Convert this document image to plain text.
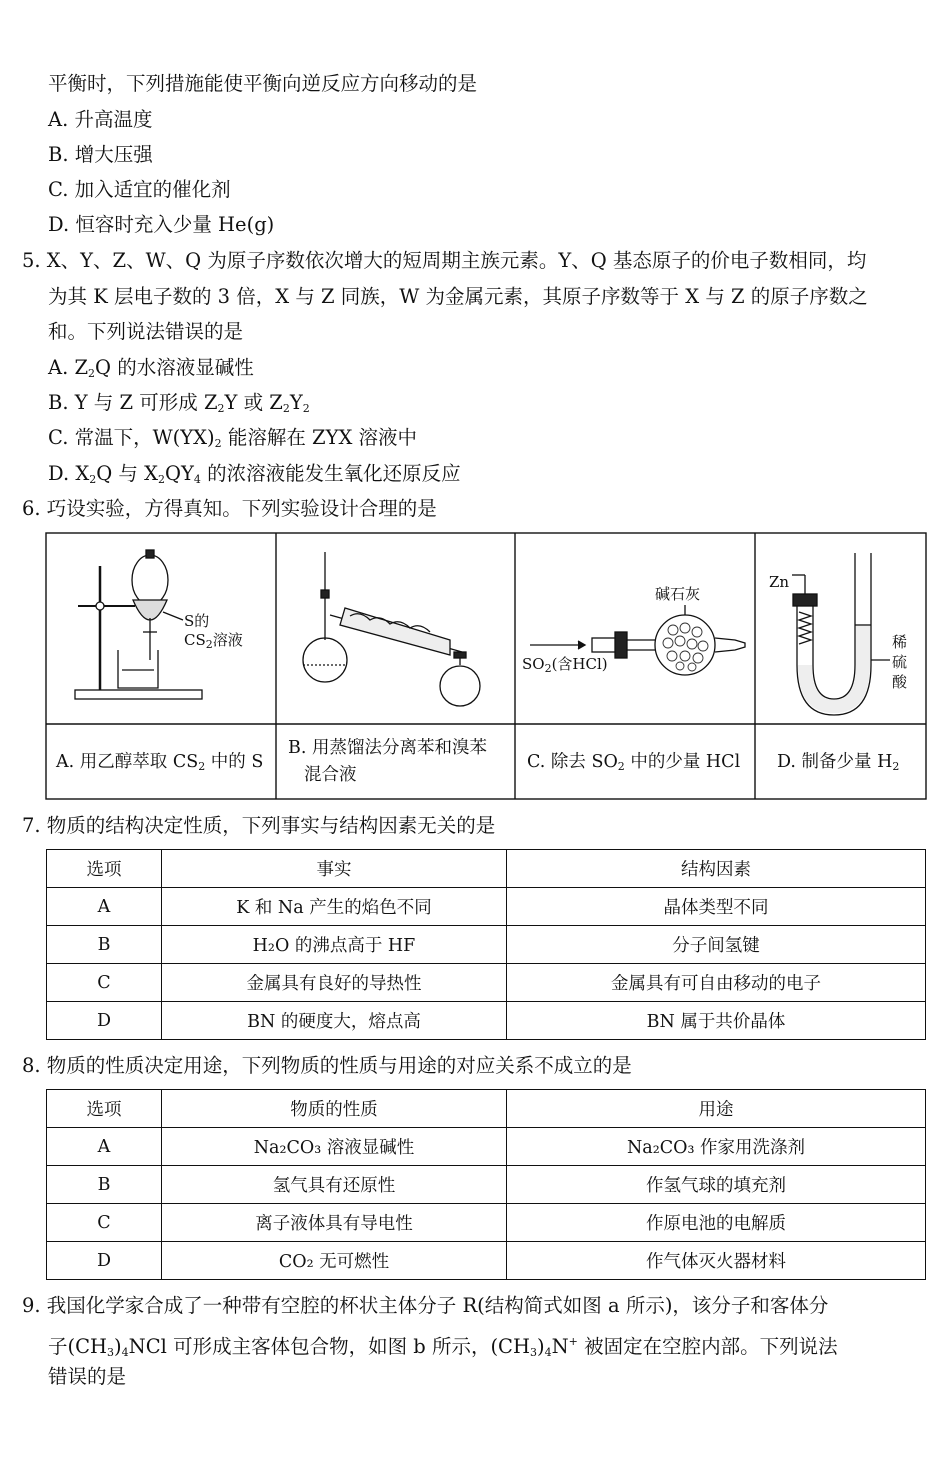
平衡时，下列措施能使平衡向逆反应方向移动的是
A. 升高温度
B. 增大压强
C. 加入适宜的催化剂
D. 恒容时充入少量 He(g)
5. X、Y、Z、W、Q 为原子序数依次增大的短周期主族元素。Y、Q 基态原子的价电子数相同，均
为其 K 层电子数的 3 倍，X 与 Z 同族，W 为金属元素，其原子序数等于 X 与 Z 的原子序数之
和。下列说法错误的是
A. $Z_2Q$ 的水溶液显碱性
B. Y 与 Z 可形成 $Z_2Y$ 或 $Z_2Y_2$
C. 常温下，$W(YX)_2$ 能溶解在 ZYX 溶液中
D. $X_2Q$ 与 $X_2QY_4$ 的浓溶液能发生氧化还原反应
6. 巧设实验，方得真知。下列实验设计合理的是
S的
$CS_2$溶液
碱石灰
$SO_2$(含HCl)
Zn
稀
硫
酸
A. 用乙醇萃取 $CS_2$ 中的 S
B. 用蒸馏法分离苯和溴苯
混合液
C. 除去 $SO_2$ 中的少量 HCl D. 制备少量 $H_2$
7. 物质的结构决定性质，下列事实与结构因素无关的是
选项	事实	结构因素
A	K 和 Na 产生的焰色不同	晶体类型不同
B	H₂O 的沸点高于 HF	分子间氢键
C	金属具有良好的导热性	金属具有可自由移动的电子
D	BN 的硬度大，熔点高	BN 属于共价晶体
8. 物质的性质决定用途，下列物质的性质与用途的对应关系不成立的是
选项	物质的性质	用途
A	Na₂CO₃ 溶液显碱性	Na₂CO₃ 作家用洗涤剂
B	氢气具有还原性	作氢气球的填充剂
C	离子液体具有导电性	作原电池的电解质
D	CO₂ 无可燃性	作气体灭火器材料
9. 我国化学家合成了一种带有空腔的杯状主体分子 R(结构简式如图 a 所示)，该分子和客体分
子$(CH_3)_4NCl$ 可形成主客体包合物，如图 b 所示，$(CH_3)_4N^+$ 被固定在空腔内部。下列说法
错误的是
